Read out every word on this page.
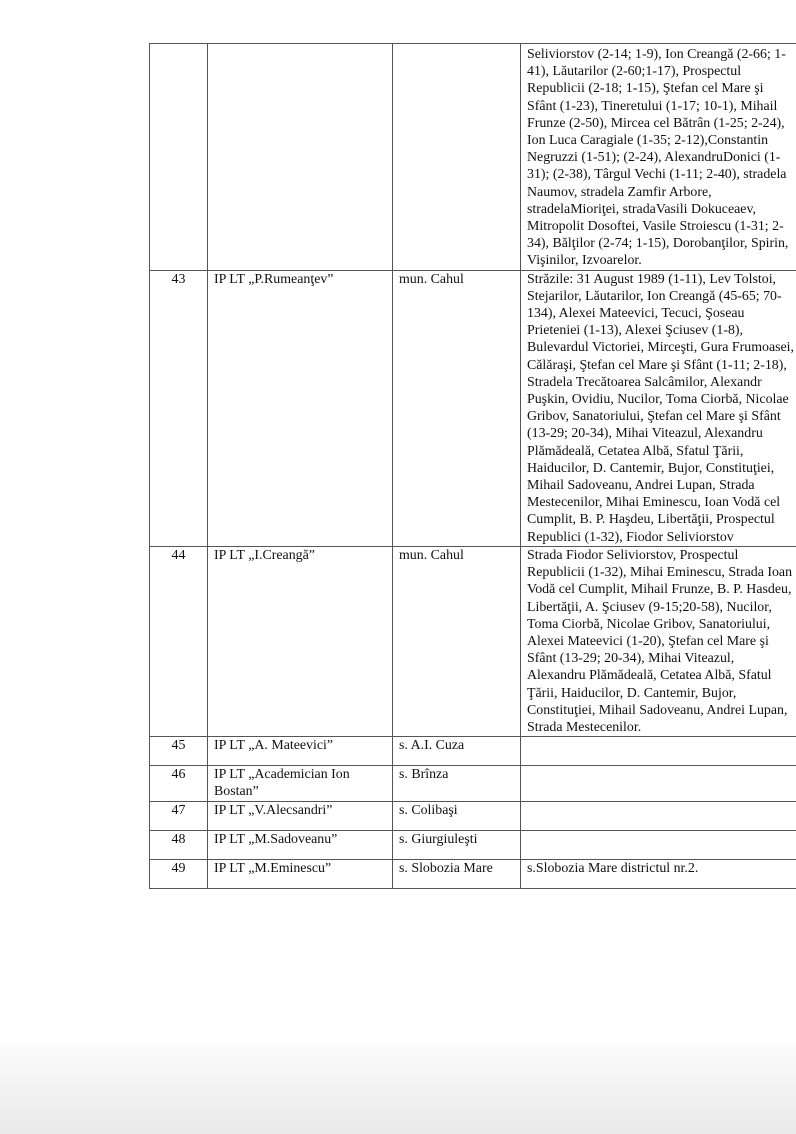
			Seliviorstov (2-14; 1-9), Ion Creangă (2-66; 1-41), Lăutarilor (2-60;1-17), Prospectul Republicii (2-18; 1-15), Ştefan cel Mare şi Sfânt (1-23), Tineretului (1-17; 10-1), Mihail Frunze (2-50), Mircea cel Bătrân (1-25; 2-24), Ion Luca Caragiale (1-35; 2-12),Constantin Negruzzi (1-51); (2-24), AlexandruDonici (1-31); (2-38), Târgul Vechi (1-11; 2-40), stradela Naumov, stradela Zamfir Arbore, stradelaMioriţei, stradaVasili Dokuceaev, Mitropolit Dosoftei, Vasile Stroiescu (1-31; 2-34), Bălţilor (2-74; 1-15), Dorobanţilor, Spirin, Vişinilor, Izvoarelor.

43	IP LT „P.Rumeanţev”	mun. Cahul	Străzile: 31 August 1989 (1-11), Lev Tolstoi, Stejarilor, Lăutarilor, Ion Creangă (45-65; 70-134), Alexei Mateevici, Tecuci, Şoseau Prieteniei (1-13), Alexei Şciusev (1-8), Bulevardul Victoriei, Mirceşti, Gura Frumoasei, Călăraşi, Ştefan cel Mare şi Sfânt (1-11; 2-18), Stradela Trecătoarea Salcâmilor, Alexandr Puşkin, Ovidiu, Nucilor, Toma Ciorbă, Nicolae Gribov, Sanatoriului, Ştefan cel Mare şi Sfânt (13-29; 20-34), Mihai Viteazul, Alexandru Plămădeală, Cetatea Albă, Sfatul Ţării, Haiducilor, D. Cantemir, Bujor, Constituţiei, Mihail Sadoveanu, Andrei Lupan, Strada Mestecenilor, Mihai Eminescu, Ioan Vodă cel Cumplit, B. P. Haşdeu, Libertăţii, Prospectul Republici (1-32), Fiodor Seliviorstov

44	IP LT „I.Creangă”	mun. Cahul	Strada Fiodor Seliviorstov, Prospectul Republicii (1-32), Mihai Eminescu, Strada Ioan Vodă cel Cumplit, Mihail Frunze, B. P. Hasdeu, Libertăţii, A. Şciusev (9-15;20-58), Nucilor, Toma Ciorbă, Nicolae Gribov, Sanatoriului, Alexei Mateevici (1-20), Ştefan cel Mare şi Sfânt (13-29; 20-34), Mihai Viteazul, Alexandru Plămădeală, Cetatea Albă, Sfatul Ţării, Haiducilor, D. Cantemir, Bujor, Constituţiei, Mihail Sadoveanu, Andrei Lupan, Strada Mestecenilor.

45	IP LT „A. Mateevici”	s. A.I. Cuza	

46	IP LT „Academician Ion Bostan”	s. Brînza	

47	IP LT „V.Alecsandri”	s. Colibaşi	

48	IP LT „M.Sadoveanu”	s. Giurgiuleşti	

49	IP LT „M.Eminescu”	s. Slobozia Mare	s.Slobozia Mare districtul nr.2.
